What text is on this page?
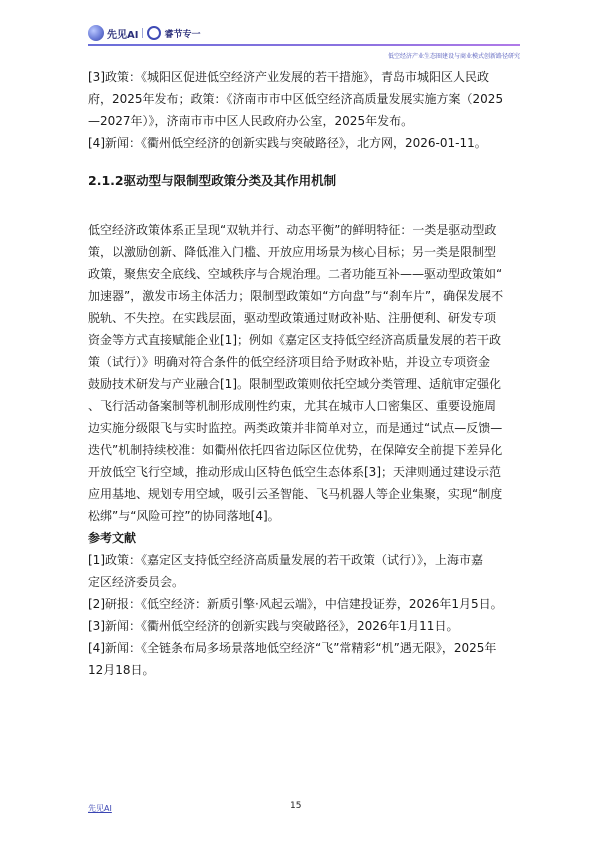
先见AI	睿节专一
低空经济产业生态圈建设与商业模式创新路径研究
[3]政策：《城阳区促进低空经济产业发展的若干措施》，青岛市城阳区人民政
府，2025年发布；政策：《济南市市中区低空经济高质量发展实施方案（2025
—2027年）》，济南市市中区人民政府办公室，2025年发布。
[4]新闻：《衢州低空经济的创新实践与突破路径》，北方网，2026-01-11。
2.1.2驱动型与限制型政策分类及其作用机制
低空经济政策体系正呈现“双轨并行、动态平衡”的鲜明特征：一类是驱动型政
策，以激励创新、降低准入门槛、开放应用场景为核心目标；另一类是限制型
政策，聚焦安全底线、空域秩序与合规治理。二者功能互补——驱动型政策如“
加速器”，激发市场主体活力；限制型政策如“方向盘”与“刹车片”，确保发展不
脱轨、不失控。在实践层面，驱动型政策通过财政补贴、注册便利、研发专项
资金等方式直接赋能企业[1]；例如《嘉定区支持低空经济高质量发展的若干政
策（试行）》明确对符合条件的低空经济项目给予财政补贴，并设立专项资金
鼓励技术研发与产业融合[1]。限制型政策则依托空域分类管理、适航审定强化
、飞行活动备案制等机制形成刚性约束，尤其在城市人口密集区、重要设施周
边实施分级限飞与实时监控。两类政策并非简单对立，而是通过“试点—反馈—
迭代”机制持续校准：如衢州依托四省边际区位优势，在保障安全前提下差异化
开放低空飞行空域，推动形成山区特色低空生态体系[3]；天津则通过建设示范
应用基地、规划专用空域，吸引云圣智能、飞马机器人等企业集聚，实现“制度
松绑”与“风险可控”的协同落地[4]。
参考文献
[1]政策：《嘉定区支持低空经济高质量发展的若干政策（试行）》，上海市嘉
定区经济委员会。
[2]研报：《低空经济：新质引擎·风起云端》，中信建投证券，2026年1月5日。
[3]新闻：《衢州低空经济的创新实践与突破路径》，2026年1月11日。
[4]新闻：《全链条布局多场景落地低空经济“飞”常精彩“机”遇无限》，2025年
12月18日。
先见AI	15
